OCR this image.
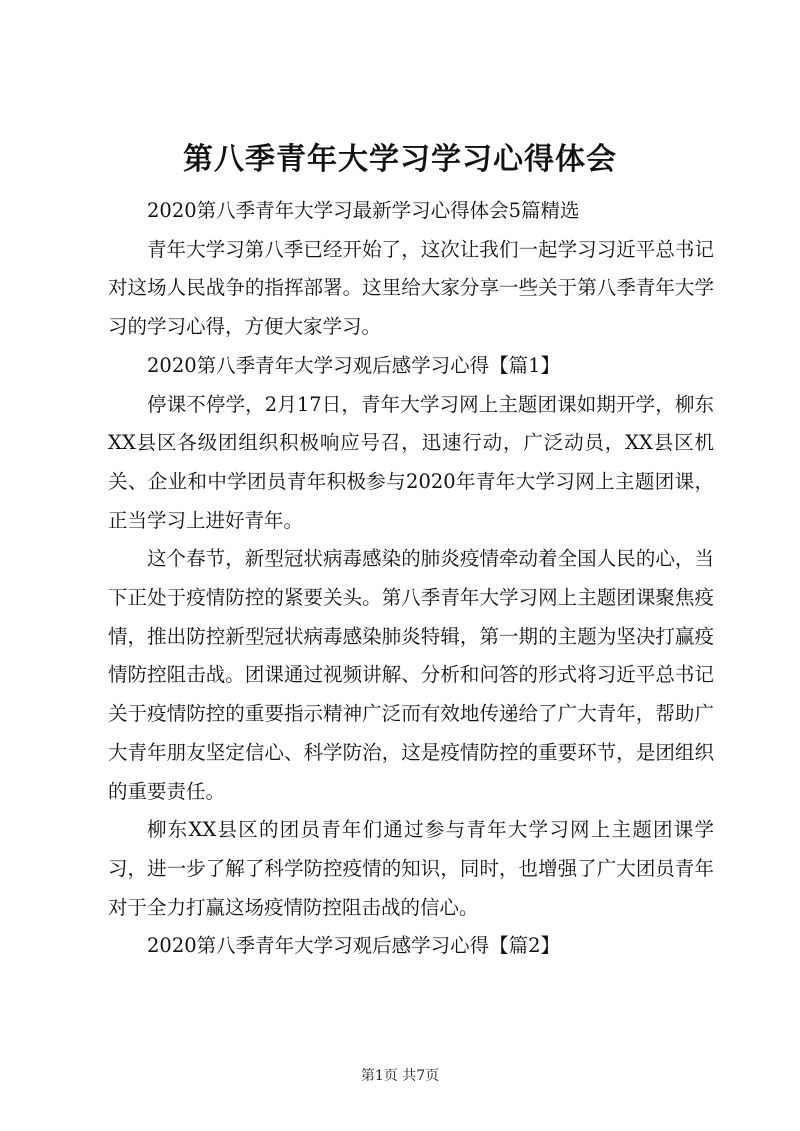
第八季青年大学习学习心得体会

2020第八季青年大学习最新学习心得体会5篇精选

青年大学习第八季已经开始了，这次让我们一起学习习近平总书记对这场人民战争的指挥部署。这里给大家分享一些关于第八季青年大学习的学习心得，方便大家学习。

2020第八季青年大学习观后感学习心得【篇1】

停课不停学，2月17日，青年大学习网上主题团课如期开学，柳东XX县区各级团组织积极响应号召，迅速行动，广泛动员，XX县区机关、企业和中学团员青年积极参与2020年青年大学习网上主题团课，正当学习上进好青年。

这个春节，新型冠状病毒感染的肺炎疫情牵动着全国人民的心，当下正处于疫情防控的紧要关头。第八季青年大学习网上主题团课聚焦疫情，推出防控新型冠状病毒感染肺炎特辑，第一期的主题为坚决打赢疫情防控阻击战。团课通过视频讲解、分析和问答的形式将习近平总书记关于疫情防控的重要指示精神广泛而有效地传递给了广大青年，帮助广大青年朋友坚定信心、科学防治，这是疫情防控的重要环节，是团组织的重要责任。

柳东XX县区的团员青年们通过参与青年大学习网上主题团课学习，进一步了解了科学防控疫情的知识，同时，也增强了广大团员青年对于全力打赢这场疫情防控阻击战的信心。

2020第八季青年大学习观后感学习心得【篇2】

第1页 共7页
